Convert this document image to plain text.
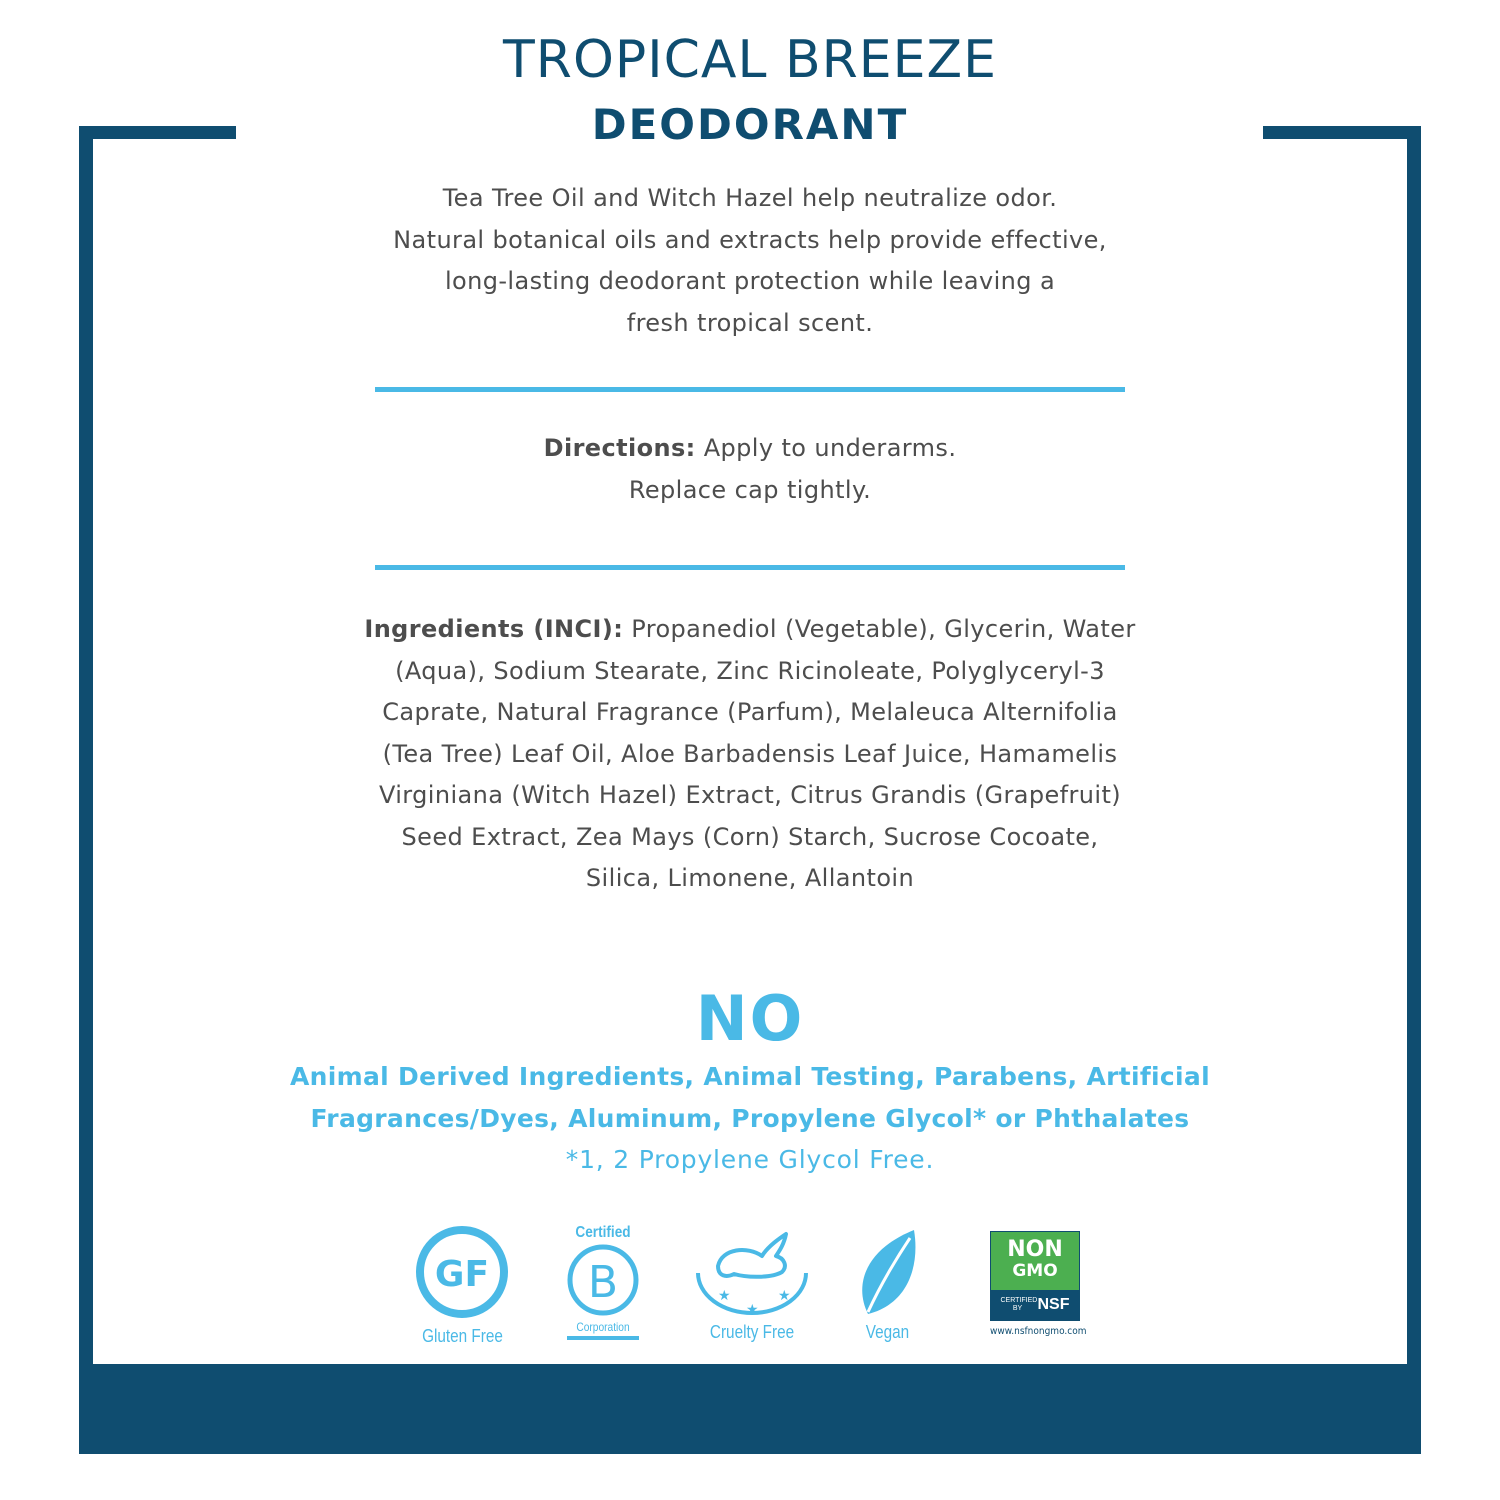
TROPICAL BREEZE
DEODORANT

Tea Tree Oil and Witch Hazel help neutralize odor.

Natural botanical oils and extracts help provide effective,

long-lasting deodorant protection while leaving a

fresh tropical scent.

Directions: Apply to underarms.

Replace cap tightly.

Ingredients (INCI): Propanediol (Vegetable), Glycerin, Water

(Aqua), Sodium Stearate, Zinc Ricinoleate, Polyglyceryl-3

Caprate, Natural Fragrance (Parfum), Melaleuca Alternifolia

(Tea Tree) Leaf Oil, Aloe Barbadensis Leaf Juice, Hamamelis

Virginiana (Witch Hazel) Extract, Citrus Grandis (Grapefruit)

Seed Extract, Zea Mays (Corn) Starch, Sucrose Cocoate,

Silica, Limonene, Allantoin

NO

Animal Derived Ingredients, Animal Testing, Parabens, Artificial

Fragrances/Dyes, Aluminum, Propylene Glycol* or Phthalates

*1, 2 Propylene Glycol Free.

GF
Gluten Free
Certified
B
Corporation
★	★
★
Cruelty Free	Vegan
NON
GMO
CERTIFIED BY NSF
www.nsfnongmo.com
